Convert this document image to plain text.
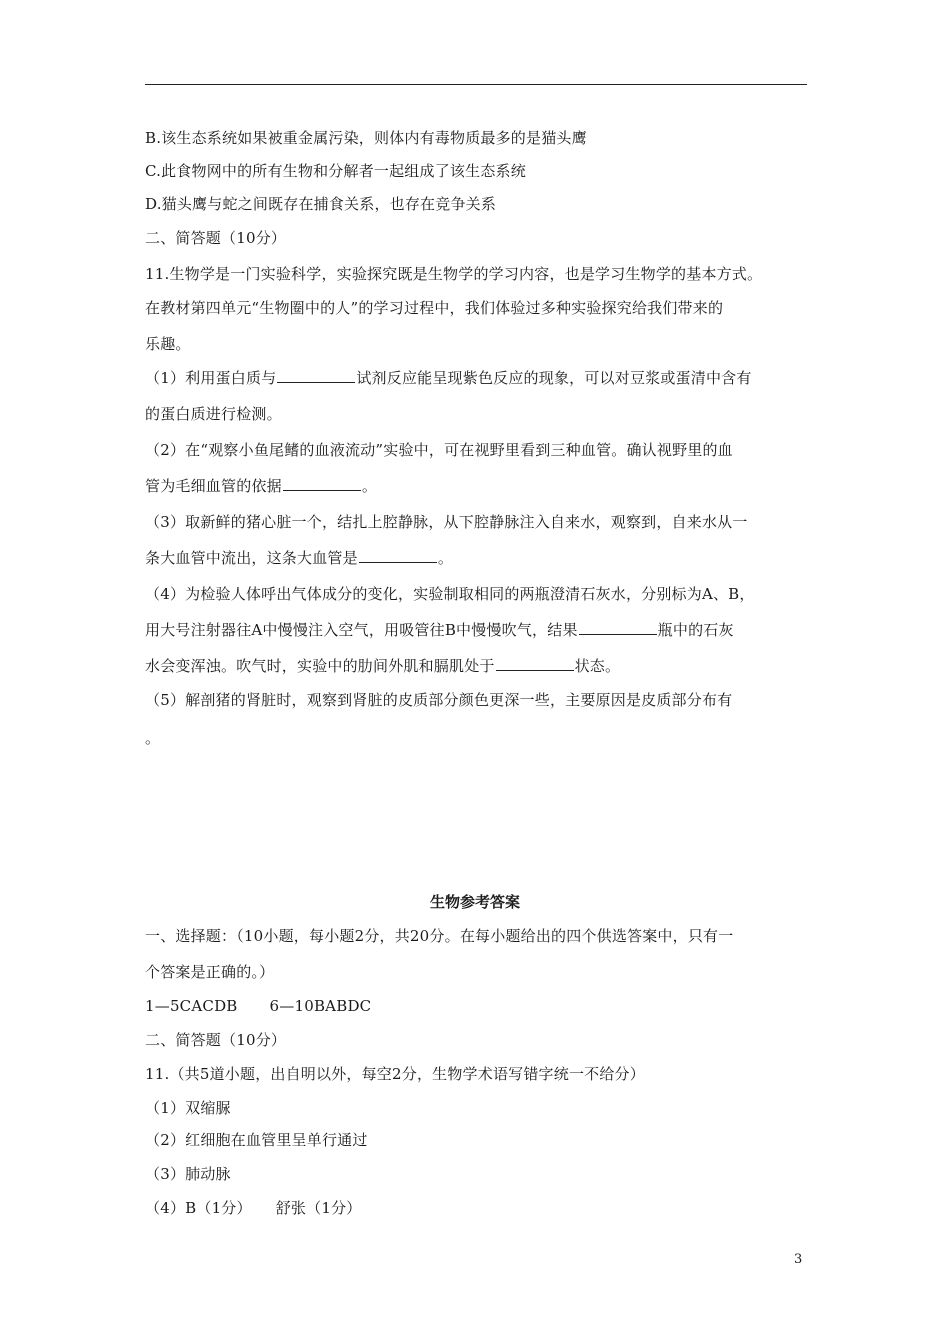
B.该生态系统如果被重金属污染，则体内有毒物质最多的是猫头鹰
C.此食物网中的所有生物和分解者一起组成了该生态系统
D.猫头鹰与蛇之间既存在捕食关系，也存在竞争关系
二、简答题（10分）
11.生物学是一门实验科学，实验探究既是生物学的学习内容，也是学习生物学的基本方式。
在教材第四单元“生物圈中的人”的学习过程中，我们体验过多种实验探究给我们带来的
乐趣。
（1）利用蛋白质与	试剂反应能呈现紫色反应的现象，可以对豆浆或蛋清中含有
的蛋白质进行检测。
（2）在“观察小鱼尾鳍的血液流动”实验中，可在视野里看到三种血管。确认视野里的血
管为毛细血管的依据	。
（3）取新鲜的猪心脏一个，结扎上腔静脉，从下腔静脉注入自来水，观察到，自来水从一
条大血管中流出，这条大血管是	。
（4）为检验人体呼出气体成分的变化，实验制取相同的两瓶澄清石灰水，分别标为A、B，
用大号注射器往A中慢慢注入空气，用吸管往B中慢慢吹气，结果	瓶中的石灰
水会变浑浊。吹气时，实验中的肋间外肌和膈肌处于	状态。
（5）解剖猪的肾脏时，观察到肾脏的皮质部分颜色更深一些，主要原因是皮质部分布有
。
生物参考答案
一、选择题：（10小题，每小题2分，共20分。在每小题给出的四个供选答案中，只有一
个答案是正确的。）
1—5CACDB 6—10BABDC
二、简答题（10分）
11.（共5道小题，出自明以外，每空2分，生物学术语写错字统一不给分）
（1）双缩脲
（2）红细胞在血管里呈单行通过
（3）肺动脉
（4）B（1分） 舒张（1分）
3
